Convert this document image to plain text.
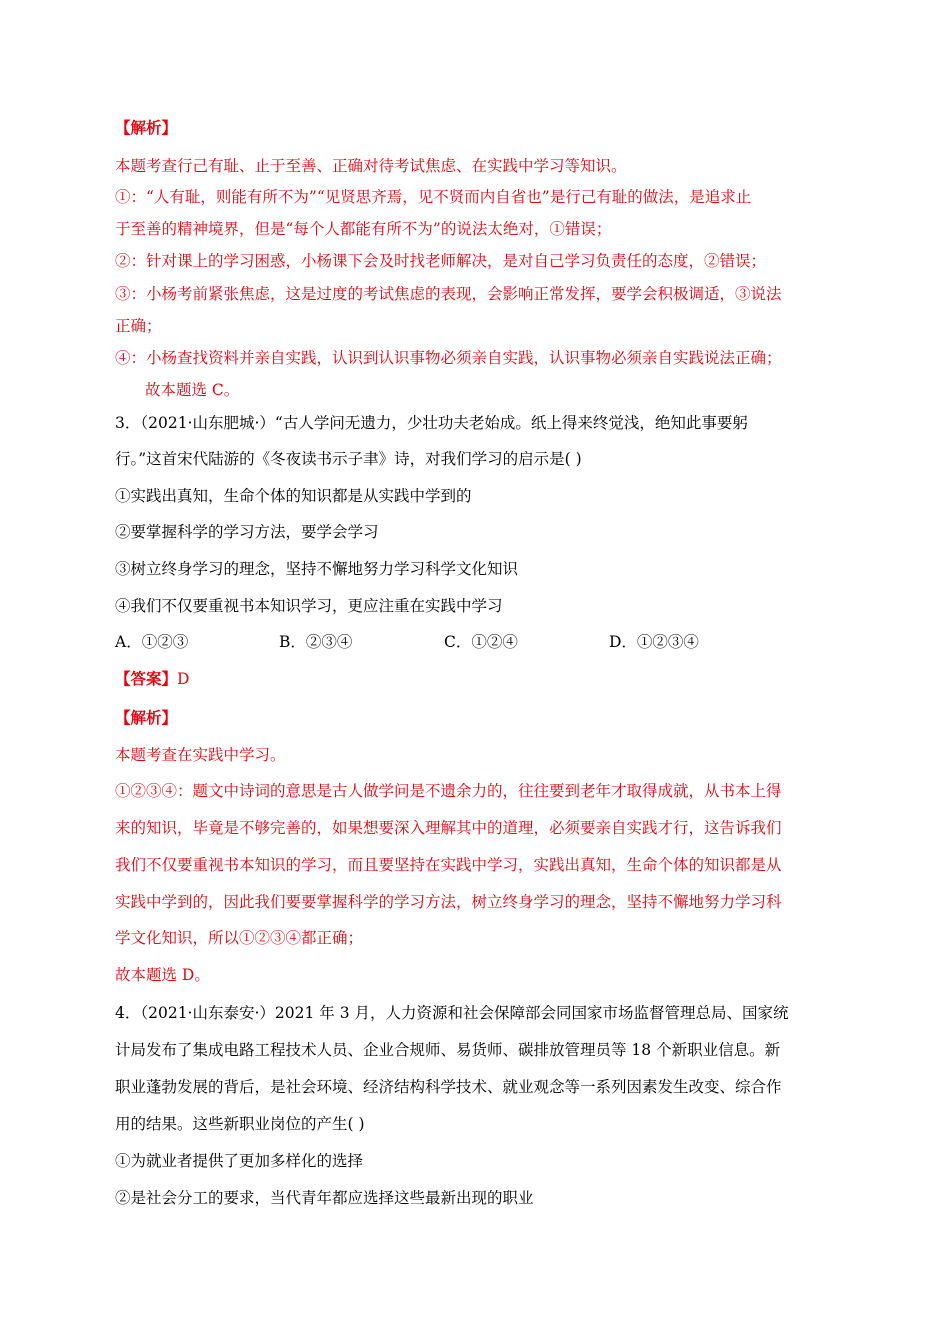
【解析】
本题考查行己有耻、止于至善、正确对待考试焦虑、在实践中学习等知识。
①：“人有耻，则能有所不为”“见贤思齐焉，见不贤而内自省也”是行己有耻的做法，是追求止
于至善的精神境界，但是“每个人都能有所不为”的说法太绝对，①错误；
②：针对课上的学习困惑，小杨课下会及时找老师解决，是对自己学习负责任的态度，②错误；
③：小杨考前紧张焦虑，这是过度的考试焦虑的表现，会影响正常发挥，要学会积极调适，③说法
正确；
④：小杨查找资料并亲自实践，认识到认识事物必须亲自实践，认识事物必须亲自实践说法正确；
故本题选 C。
3．（2021·山东肥城·）“古人学问无遗力，少壮功夫老始成。纸上得来终觉浅，绝知此事要躬
行。”这首宋代陆游的《冬夜读书示子聿》诗，对我们学习的启示是( )
①实践出真知，生命个体的知识都是从实践中学到的
②要掌握科学的学习方法，要学会学习
③树立终身学习的理念，坚持不懈地努力学习科学文化知识
④我们不仅要重视书本知识学习，更应注重在实践中学习
A．①②③	B．②③④	C．①②④	D．①②③④
【答案】D
【解析】
本题考查在实践中学习。
①②③④：题文中诗词的意思是古人做学问是不遗余力的，往往要到老年才取得成就，从书本上得
来的知识，毕竟是不够完善的，如果想要深入理解其中的道理，必须要亲自实践才行，这告诉我们
我们不仅要重视书本知识的学习，而且要坚持在实践中学习，实践出真知，生命个体的知识都是从
实践中学到的，因此我们要要掌握科学的学习方法，树立终身学习的理念，坚持不懈地努力学习科
学文化知识，所以①②③④都正确；
故本题选 D。
4．（2021·山东泰安·）2021 年 3 月，人力资源和社会保障部会同国家市场监督管理总局、国家统
计局发布了集成电路工程技术人员、企业合规师、易货师、碳排放管理员等 18 个新职业信息。新
职业蓬勃发展的背后，是社会环境、经济结构科学技术、就业观念等一系列因素发生改变、综合作
用的结果。这些新职业岗位的产生( )
①为就业者提供了更加多样化的选择
②是社会分工的要求，当代青年都应选择这些最新出现的职业
